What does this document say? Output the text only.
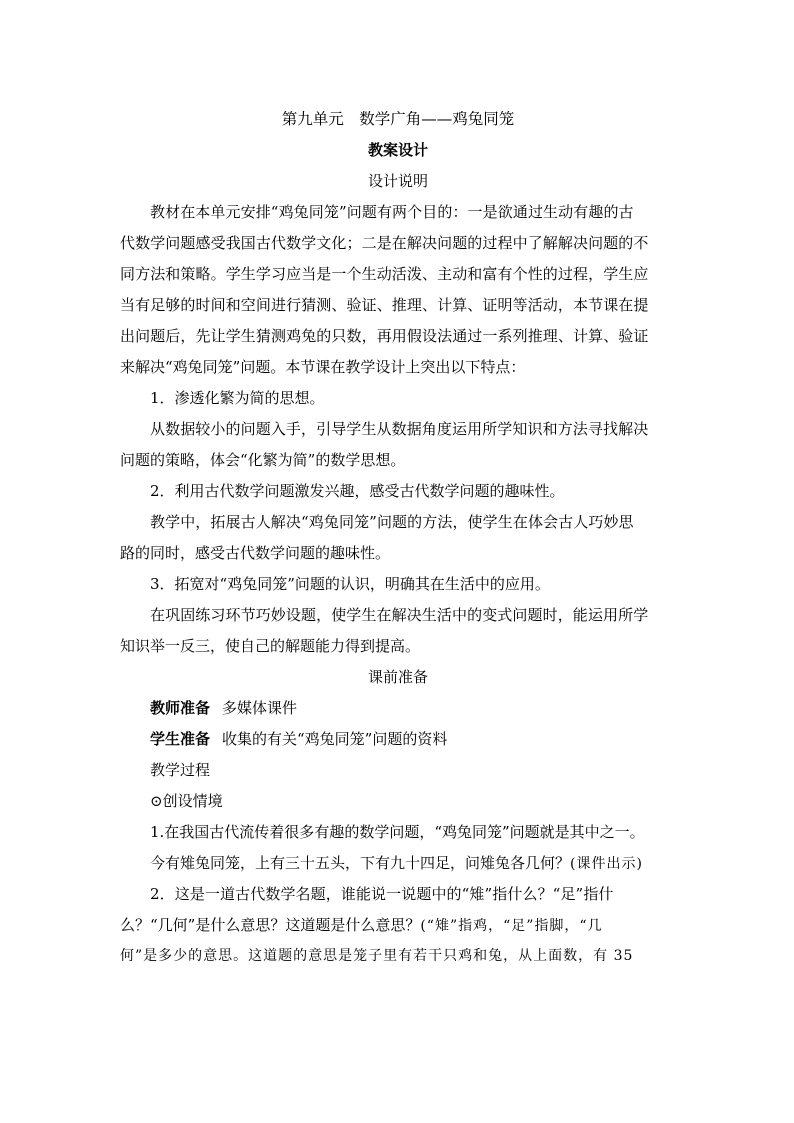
第九单元　数学广角——鸡兔同笼
教案设计
设计说明
教材在本单元安排“鸡兔同笼”问题有两个目的：一是欲通过生动有趣的古
代数学问题感受我国古代数学文化；二是在解决问题的过程中了解解决问题的不
同方法和策略。学生学习应当是一个生动活泼、主动和富有个性的过程，学生应
当有足够的时间和空间进行猜测、验证、推理、计算、证明等活动，本节课在提
出问题后，先让学生猜测鸡兔的只数，再用假设法通过一系列推理、计算、验证
来解决“鸡兔同笼”问题。本节课在教学设计上突出以下特点：
1．渗透化繁为简的思想。
从数据较小的问题入手，引导学生从数据角度运用所学知识和方法寻找解决
问题的策略，体会“化繁为简”的数学思想。
2．利用古代数学问题激发兴趣，感受古代数学问题的趣味性。
教学中，拓展古人解决“鸡兔同笼”问题的方法，使学生在体会古人巧妙思
路的同时，感受古代数学问题的趣味性。
3．拓宽对“鸡兔同笼”问题的认识，明确其在生活中的应用。
在巩固练习环节巧妙设题，使学生在解决生活中的变式问题时，能运用所学
知识举一反三，使自己的解题能力得到提高。
课前准备
教师准备 多媒体课件
学生准备 收集的有关“鸡兔同笼”问题的资料
教学过程
⊙创设情境
1.在我国古代流传着很多有趣的数学问题，“鸡兔同笼”问题就是其中之一。
今有雉兔同笼，上有三十五头，下有九十四足，问雉兔各几何？(课件出示)
2．这是一道古代数学名题，谁能说一说题中的“雉”指什么？“足”指什
么？“几何”是什么意思？这道题是什么意思？(“雉”指鸡，“足”指脚，“几
何”是多少的意思。这道题的意思是笼子里有若干只鸡和兔，从上面数，有 35
